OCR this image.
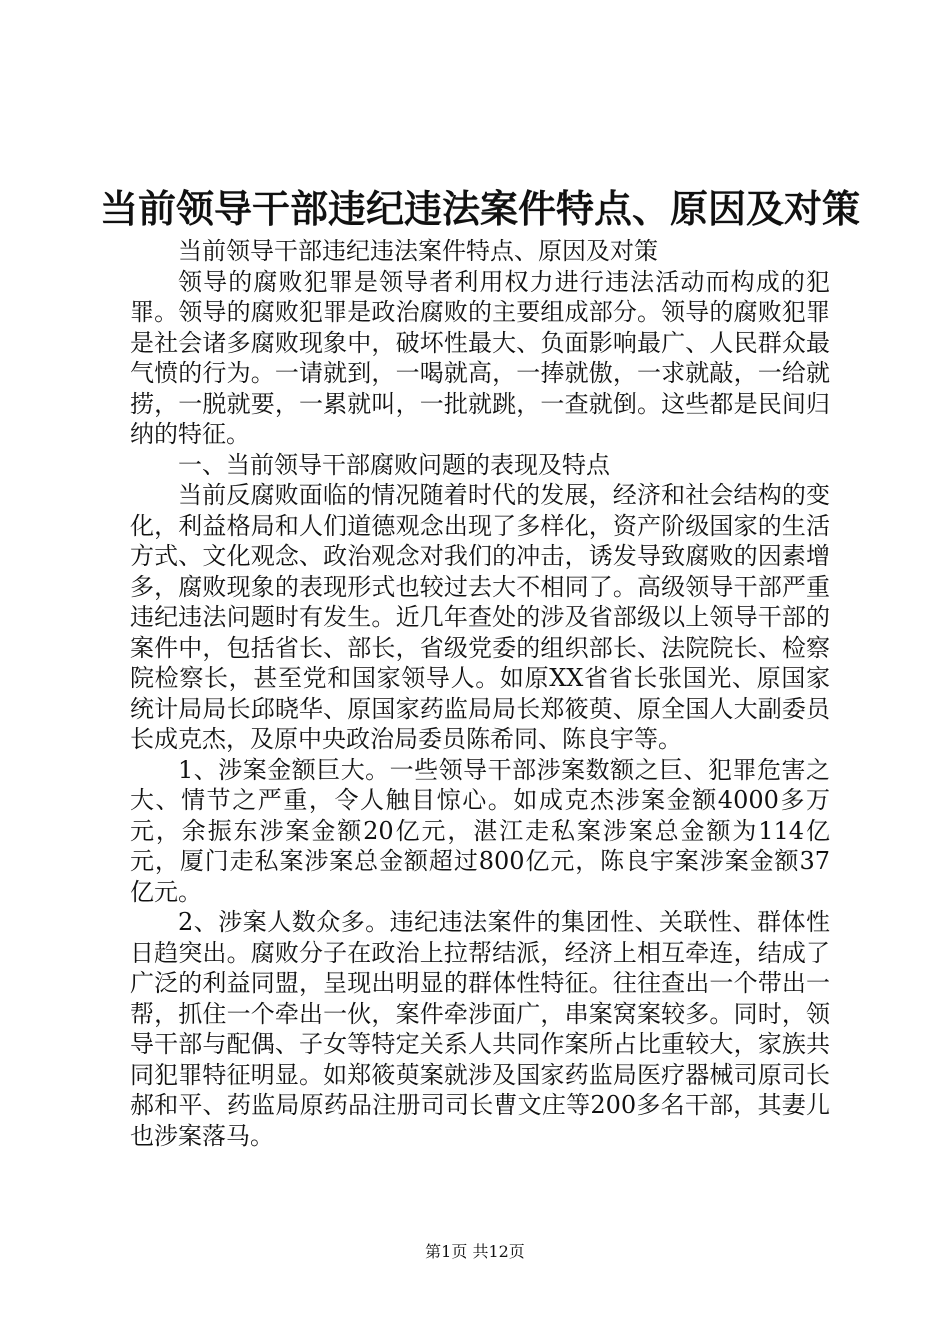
当前领导干部违纪违法案件特点、原因及对策

当前领导干部违纪违法案件特点、原因及对策

领导的腐败犯罪是领导者利用权力进行违法活动而构成的犯罪。领导的腐败犯罪是政治腐败的主要组成部分。领导的腐败犯罪是社会诸多腐败现象中，破坏性最大、负面影响最广、人民群众最气愤的行为。一请就到，一喝就高，一捧就傲，一求就敲，一给就捞，一脱就要，一累就叫，一批就跳，一查就倒。这些都是民间归纳的特征。

一、当前领导干部腐败问题的表现及特点

当前反腐败面临的情况随着时代的发展，经济和社会结构的变化，利益格局和人们道德观念出现了多样化，资产阶级国家的生活方式、文化观念、政治观念对我们的冲击，诱发导致腐败的因素增多，腐败现象的表现形式也较过去大不相同了。高级领导干部严重违纪违法问题时有发生。近几年查处的涉及省部级以上领导干部的案件中，包括省长、部长，省级党委的组织部长、法院院长、检察院检察长，甚至党和国家领导人。如原XX省省长张国光、原国家统计局局长邱晓华、原国家药监局局长郑筱萸、原全国人大副委员长成克杰，及原中央政治局委员陈希同、陈良宇等。

1、涉案金额巨大。一些领导干部涉案数额之巨、犯罪危害之大、情节之严重，令人触目惊心。如成克杰涉案金额4000多万元，余振东涉案金额20亿元，湛江走私案涉案总金额为114亿元，厦门走私案涉案总金额超过800亿元，陈良宇案涉案金额37亿元。

2、涉案人数众多。违纪违法案件的集团性、关联性、群体性日趋突出。腐败分子在政治上拉帮结派，经济上相互牵连，结成了广泛的利益同盟，呈现出明显的群体性特征。往往查出一个带出一帮，抓住一个牵出一伙，案件牵涉面广，串案窝案较多。同时，领导干部与配偶、子女等特定关系人共同作案所占比重较大，家族共同犯罪特征明显。如郑筱萸案就涉及国家药监局医疗器械司原司长郝和平、药监局原药品注册司司长曹文庄等200多名干部，其妻儿也涉案落马。

第1页 共12页
